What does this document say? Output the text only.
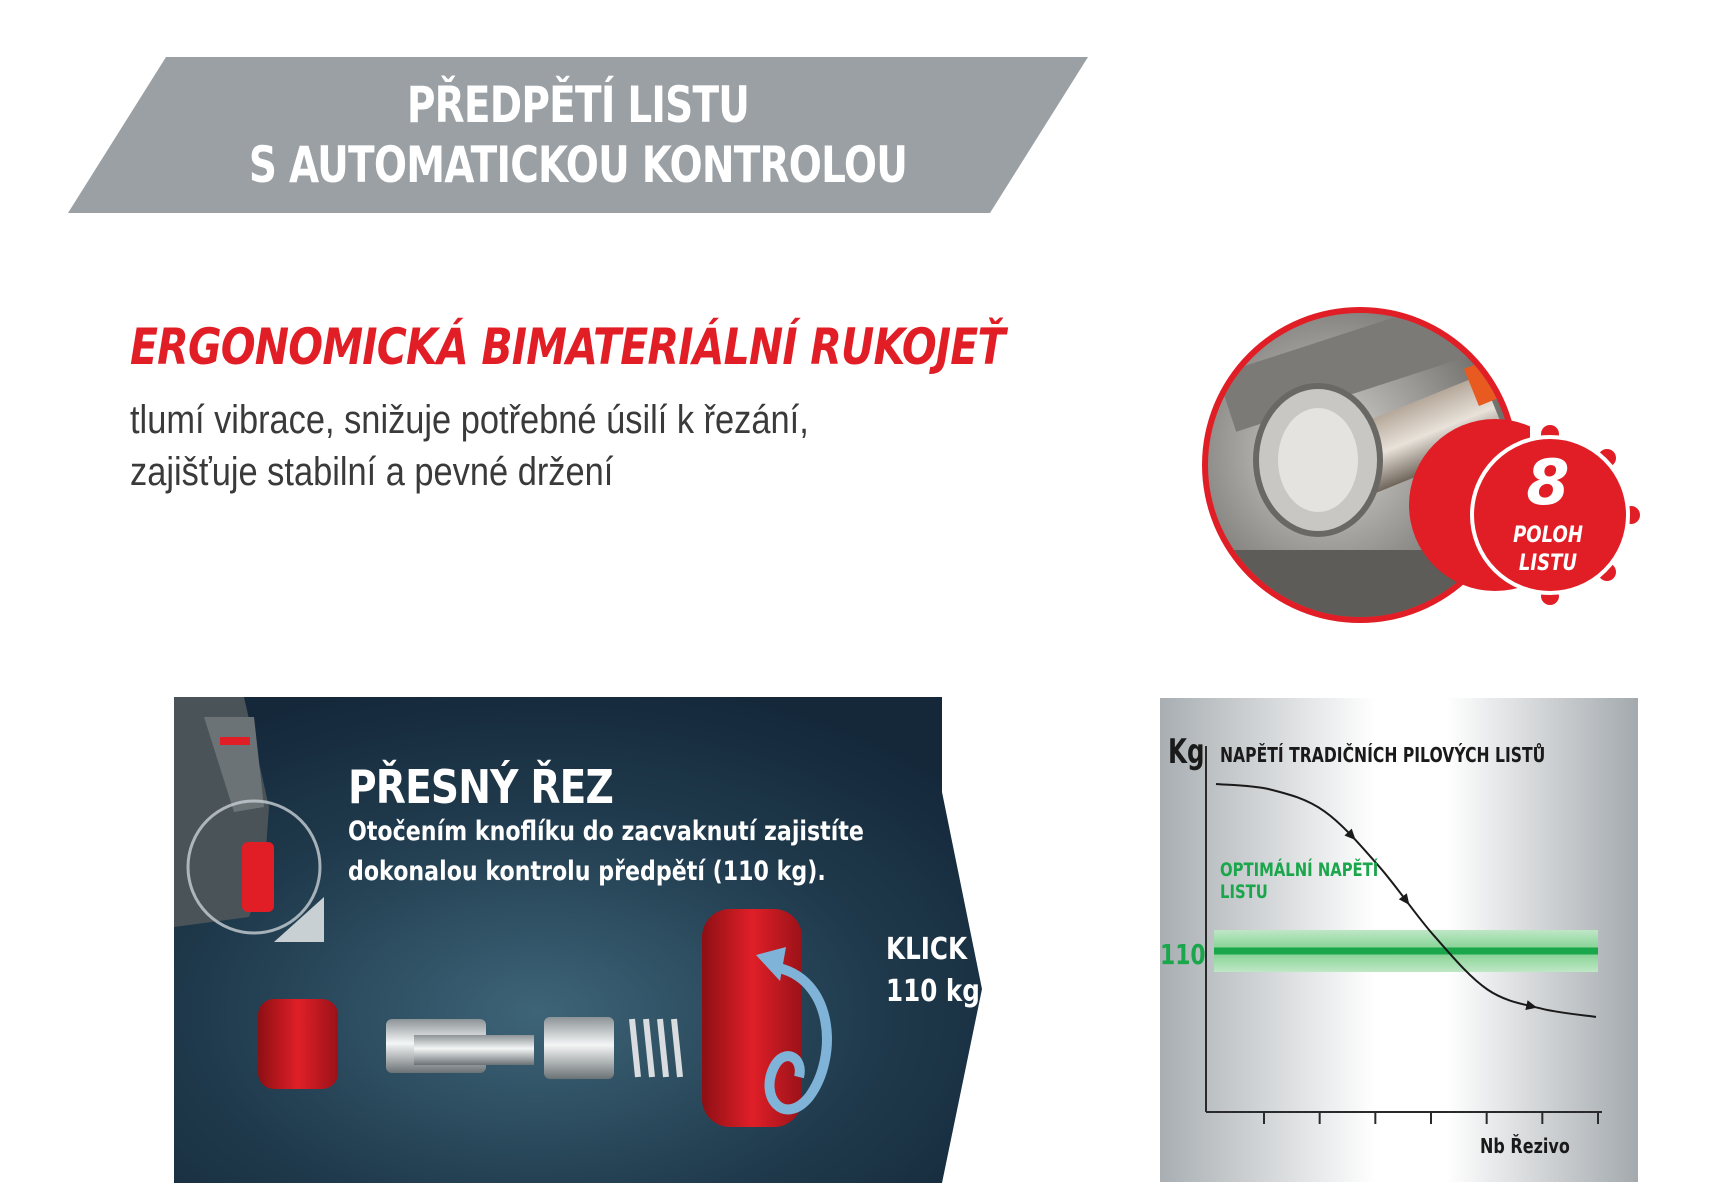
PŘEDPĚTÍ LISTU
S AUTOMATICKOU KONTROLOU
ERGONOMICKÁ BIMATERIÁLNÍ RUKOJEŤ
tlumí vibrace, snižuje potřebné úsilí k řezání,
zajišťuje stabilní a pevné držení	8
POLOH
LISTU
PŘESNÝ ŘEZ
Otočením knoflíku do zacvaknutí zajistíte
dokonalou kontrolu předpětí (110 kg).
KLICK
110 kg
Kg NAPĚTÍ TRADIČNÍCH PILOVÝCH LISTŮ
OPTIMÁLNÍ NAPĚTÍ
LISTU
110
Nb Řezivo
